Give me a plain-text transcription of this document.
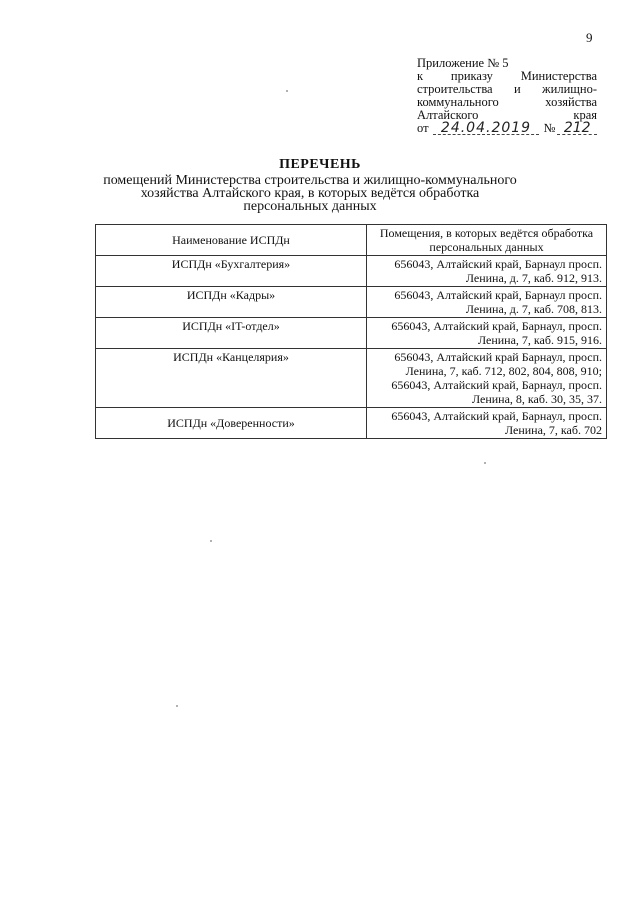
9
Приложение № 5
к приказу Министерства
строительства и жилищно-
коммунального	хозяйства
Алтайского	края
от 24.04.2019 № 212
ПЕРЕЧЕНЬ
помещений Министерства строительства и жилищно-коммунального хозяйства Алтайского края, в которых ведётся обработка персональных данных
Наименование ИСПДн	Помещения, в которых ведётся обработка персональных данных
ИСПДн «Бухгалтерия»	656043, Алтайский край, Барнаул просп.
Ленина, д. 7, каб. 912, 913.

ИСПДн «Кадры»	656043, Алтайский край, Барнаул просп.
Ленина, д. 7, каб. 708, 813.

ИСПДн «IT-отдел»	656043, Алтайский край, Барнаул, просп.
Ленина, 7, каб. 915, 916.

ИСПДн «Канцелярия»	656043, Алтайский край Барнаул, просп.
Ленина, 7, каб. 712, 802, 804, 808, 910;
656043, Алтайский край, Барнаул, просп.
Ленина, 8, каб. 30, 35, 37.

ИСПДн «Доверенности»	656043, Алтайский край, Барнаул, просп.
Ленина, 7, каб. 702
